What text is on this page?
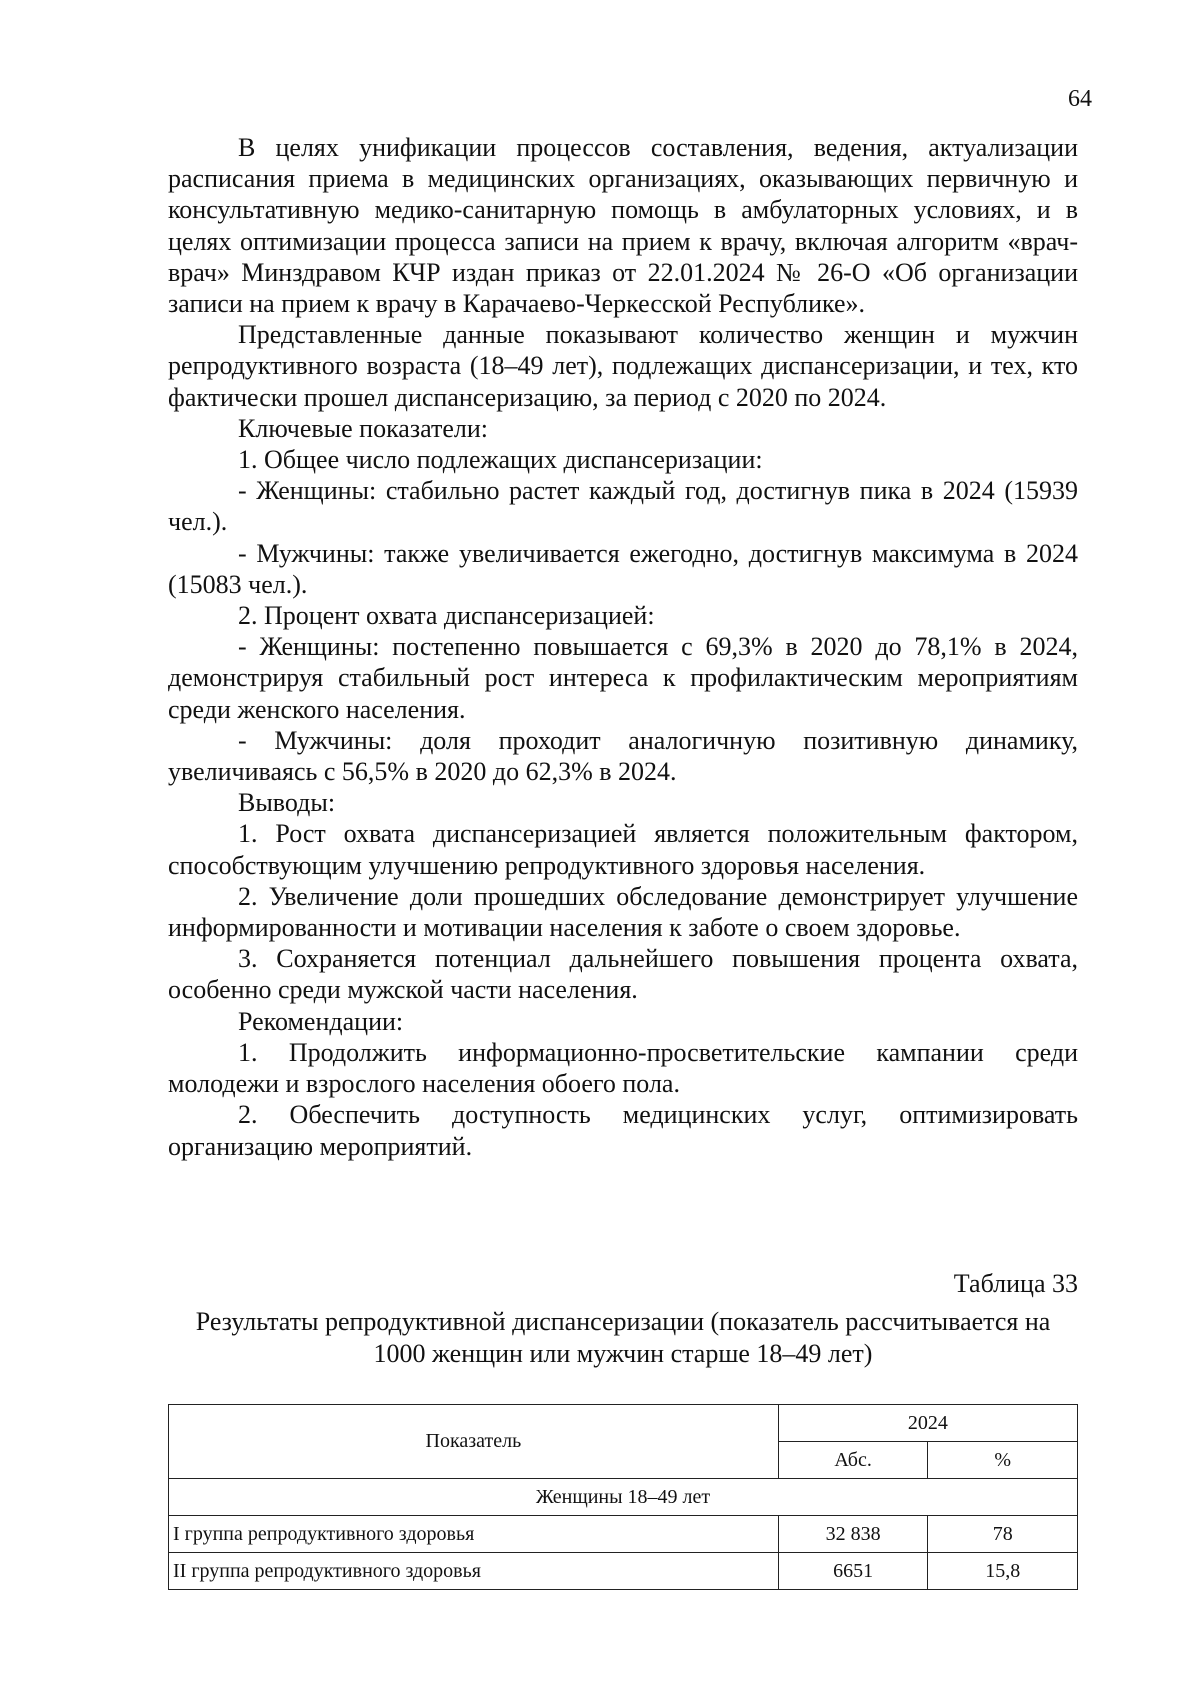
64

В целях унификации процессов составления, ведения, актуализации расписания приема в медицинских организациях, оказывающих первичную и консультативную медико-санитарную помощь в амбулаторных условиях, и в целях оптимизации процесса записи на прием к врачу, включая алгоритм «врач-врач» Минздравом КЧР издан приказ от 22.01.2024 № 26-О «Об организации записи на прием к врачу в Карачаево-Черкесской Республике».

Представленные данные показывают количество женщин и мужчин репродуктивного возраста (18–49 лет), подлежащих диспансеризации, и тех, кто фактически прошел диспансеризацию, за период с 2020 по 2024.

Ключевые показатели:

1. Общее число подлежащих диспансеризации:

- Женщины: стабильно растет каждый год, достигнув пика в 2024 (15939 чел.).

- Мужчины: также увеличивается ежегодно, достигнув максимума в 2024 (15083 чел.).

2. Процент охвата диспансеризацией:

- Женщины: постепенно повышается с 69,3% в 2020 до 78,1% в 2024, демонстрируя стабильный рост интереса к профилактическим мероприятиям среди женского населения.

- Мужчины: доля проходит аналогичную позитивную динамику, увеличиваясь с 56,5% в 2020 до 62,3% в 2024.

Выводы:

1. Рост охвата диспансеризацией является положительным фактором, способствующим улучшению репродуктивного здоровья населения.

2. Увеличение доли прошедших обследование демонстрирует улучшение информированности и мотивации населения к заботе о своем здоровье.

3. Сохраняется потенциал дальнейшего повышения процента охвата, особенно среди мужской части населения.

Рекомендации:

1. Продолжить информационно-просветительские кампании среди молодежи и взрослого населения обоего пола.

2. Обеспечить доступность медицинских услуг, оптимизировать организацию мероприятий.

Таблица 33
Результаты репродуктивной диспансеризации (показатель рассчитывается на 1000 женщин или мужчин старше 18–49 лет)
Показатель	2024	
	Абс.	%
Женщины 18–49 лет		
I группа репродуктивного здоровья	32 838	78
II группа репродуктивного здоровья	6651	15,8
